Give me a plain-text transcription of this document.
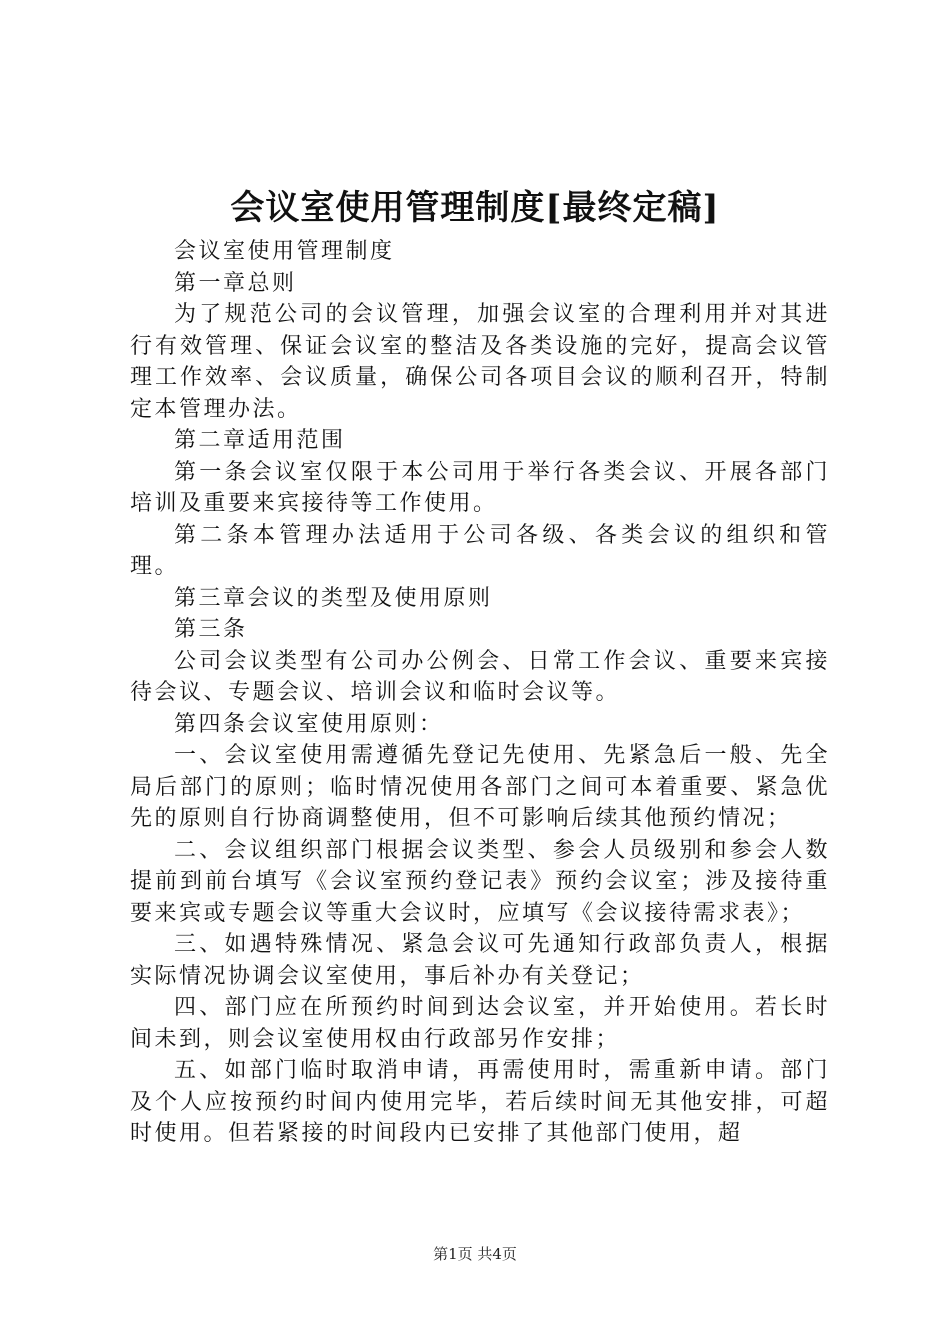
会议室使用管理制度[最终定稿]

会议室使用管理制度

第一章总则

为了规范公司的会议管理，加强会议室的合理利用并对其进行有效管理、保证会议室的整洁及各类设施的完好，提高会议管理工作效率、会议质量，确保公司各项目会议的顺利召开，特制定本管理办法。

第二章适用范围

第一条会议室仅限于本公司用于举行各类会议、开展各部门培训及重要来宾接待等工作使用。

第二条本管理办法适用于公司各级、各类会议的组织和管理。

第三章会议的类型及使用原则

第三条

公司会议类型有公司办公例会、日常工作会议、重要来宾接待会议、专题会议、培训会议和临时会议等。

第四条会议室使用原则：

一、会议室使用需遵循先登记先使用、先紧急后一般、先全局后部门的原则；临时情况使用各部门之间可本着重要、紧急优先的原则自行协商调整使用，但不可影响后续其他预约情况；

二、会议组织部门根据会议类型、参会人员级别和参会人数提前到前台填写《会议室预约登记表》预约会议室；涉及接待重要来宾或专题会议等重大会议时，应填写《会议接待需求表》；

三、如遇特殊情况、紧急会议可先通知行政部负责人，根据实际情况协调会议室使用，事后补办有关登记；

四、部门应在所预约时间到达会议室，并开始使用。若长时间未到，则会议室使用权由行政部另作安排；

五、如部门临时取消申请，再需使用时，需重新申请。部门及个人应按预约时间内使用完毕，若后续时间无其他安排，可超时使用。但若紧接的时间段内已安排了其他部门使用，超

第1页 共4页
